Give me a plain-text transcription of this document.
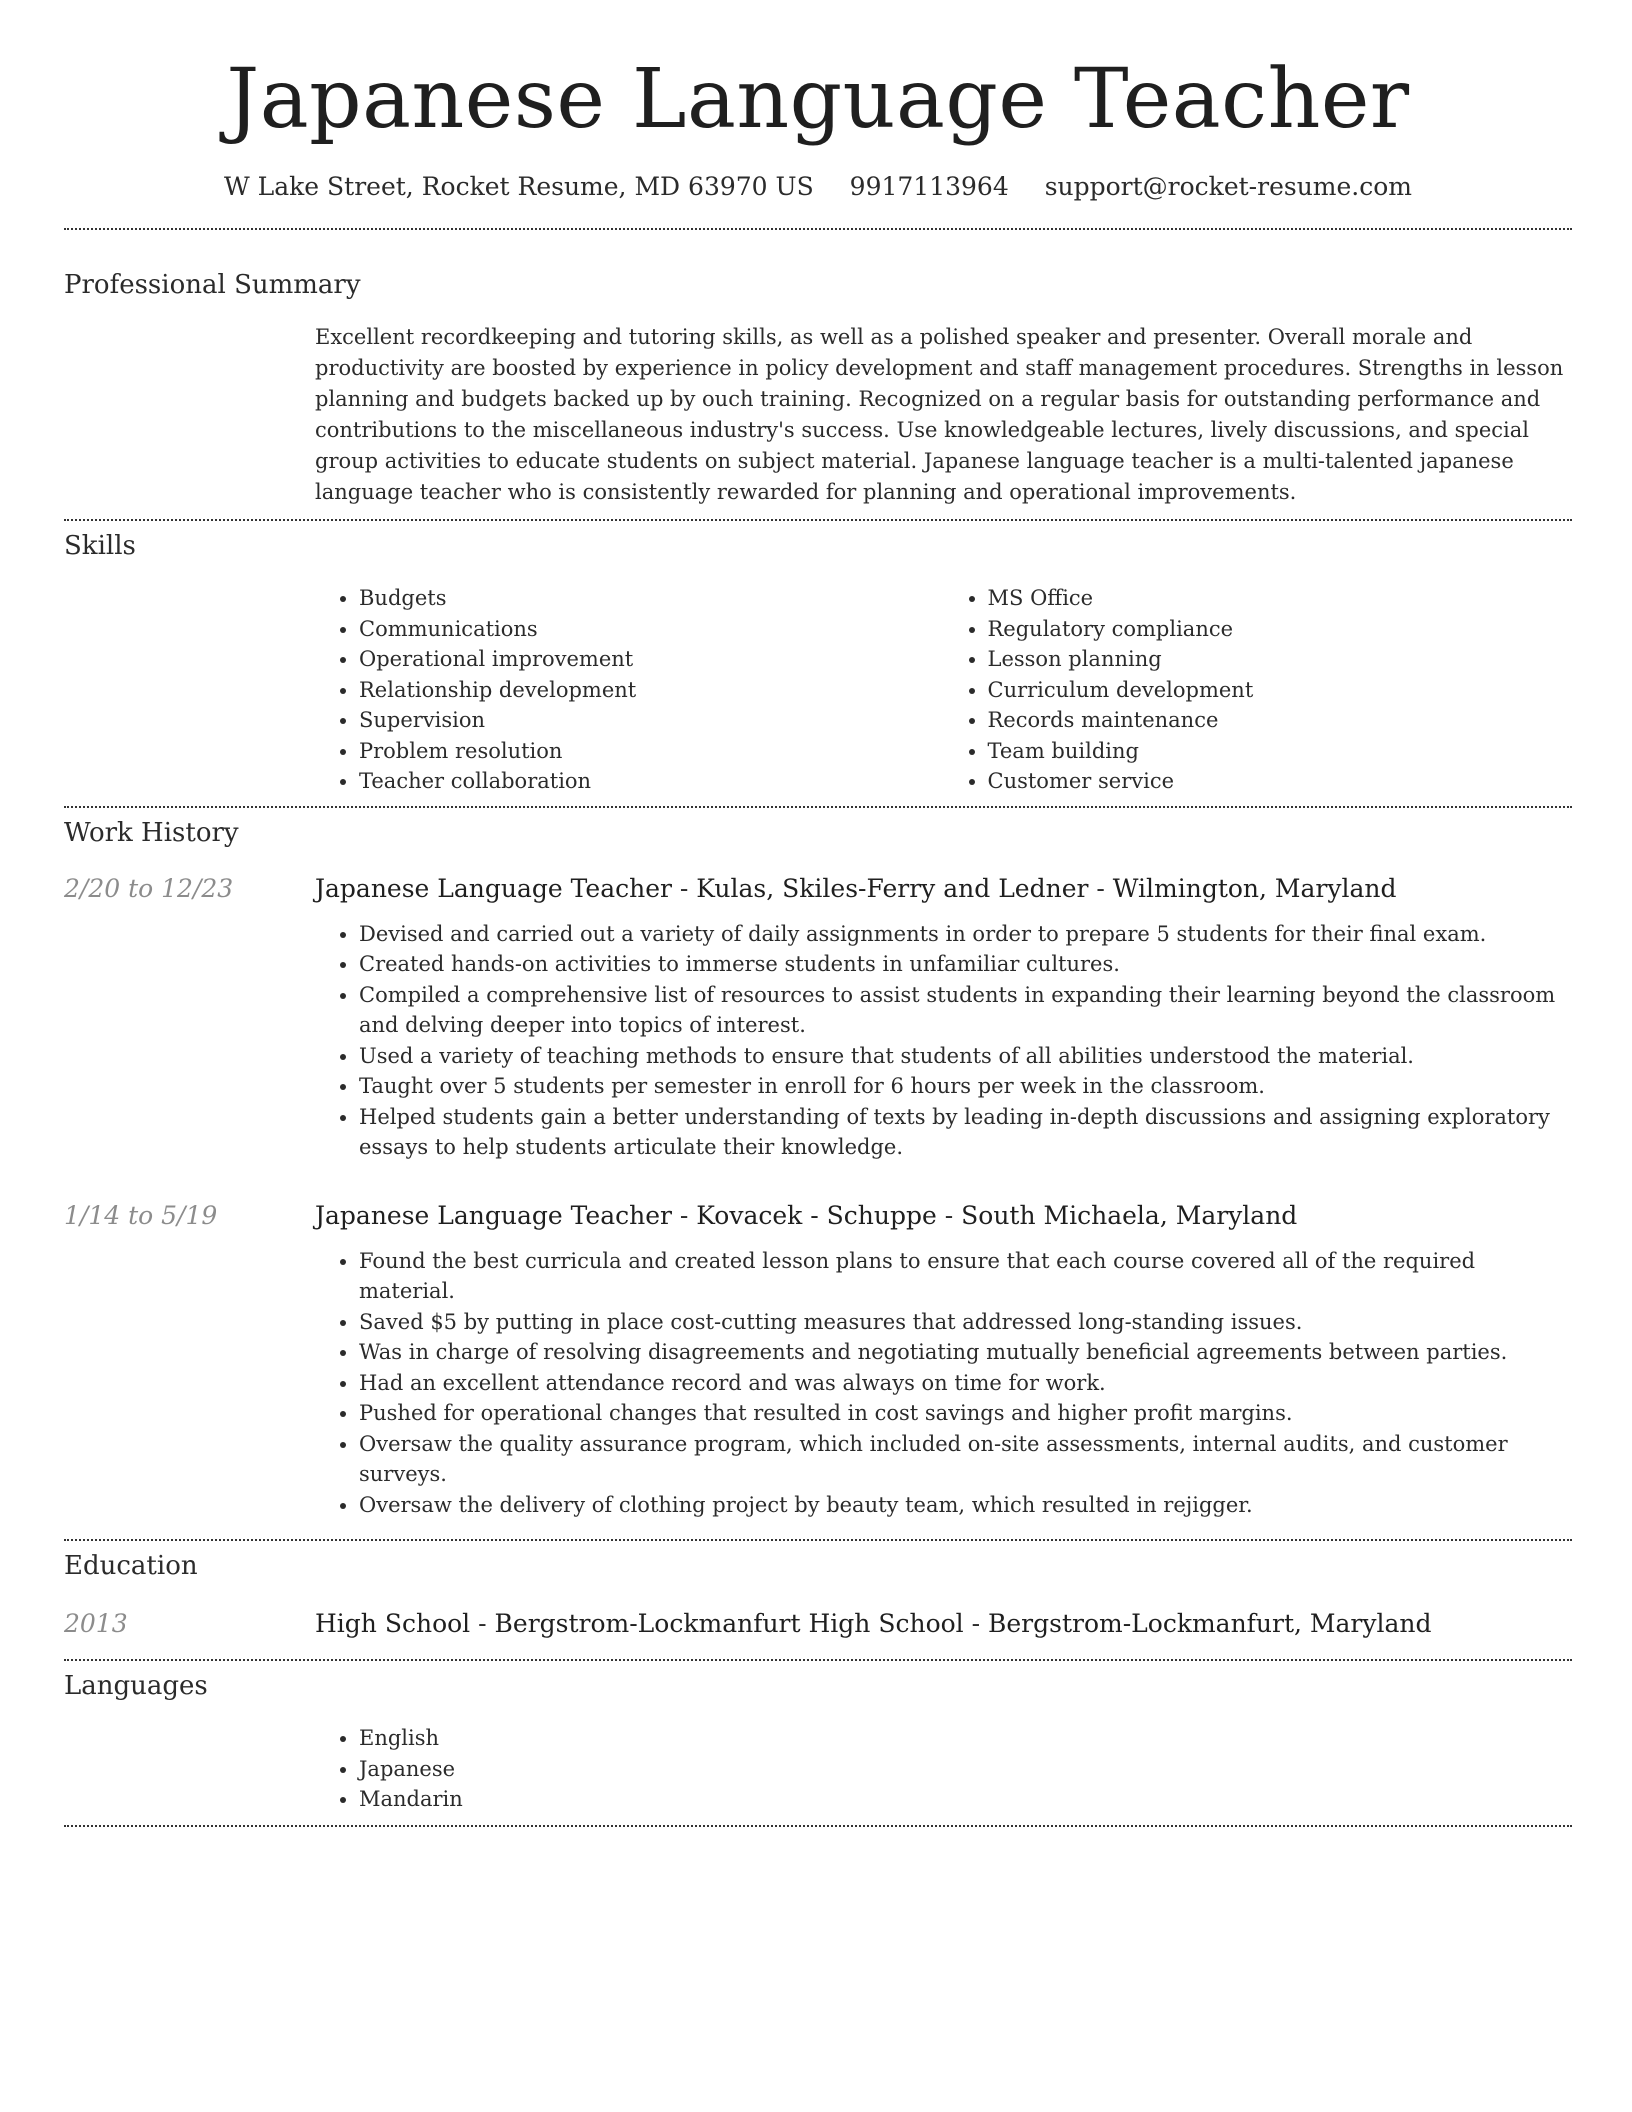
Japanese Language Teacher
W Lake Street, Rocket Resume, MD 63970 US 9917113964 support@rocket-resume.com
Professional Summary

Excellent recordkeeping and tutoring skills, as well as a polished speaker and presenter. Overall morale and productivity are boosted by experience in policy development and staff management procedures. Strengths in lesson planning and budgets backed up by ouch training. Recognized on a regular basis for outstanding performance and contributions to the miscellaneous industry's success. Use knowledgeable lectures, lively discussions, and special group activities to educate students on subject material. Japanese language teacher is a multi-talented japanese language teacher who is consistently rewarded for planning and operational improvements.

Skills
• Budgets
• Communications
• Operational improvement
• Relationship development
• Supervision
• Problem resolution
• Teacher collaboration
• MS Office
• Regulatory compliance
• Lesson planning
• Curriculum development
• Records maintenance
• Team building
• Customer service
Work History
2/20 to 12/23	Japanese Language Teacher - Kulas, Skiles-Ferry and Ledner - Wilmington, Maryland
• Devised and carried out a variety of daily assignments in order to prepare 5 students for their final exam.
• Created hands-on activities to immerse students in unfamiliar cultures.
• Compiled a comprehensive list of resources to assist students in expanding their learning beyond the classroom and delving deeper into topics of interest.
• Used a variety of teaching methods to ensure that students of all abilities understood the material.
• Taught over 5 students per semester in enroll for 6 hours per week in the classroom.
• Helped students gain a better understanding of texts by leading in-depth discussions and assigning exploratory essays to help students articulate their knowledge.
1/14 to 5/19	Japanese Language Teacher - Kovacek - Schuppe - South Michaela, Maryland
• Found the best curricula and created lesson plans to ensure that each course covered all of the required material.
• Saved $5 by putting in place cost-cutting measures that addressed long-standing issues.
• Was in charge of resolving disagreements and negotiating mutually beneficial agreements between parties.
• Had an excellent attendance record and was always on time for work.
• Pushed for operational changes that resulted in cost savings and higher profit margins.
• Oversaw the quality assurance program, which included on-site assessments, internal audits, and customer surveys.
• Oversaw the delivery of clothing project by beauty team, which resulted in rejigger.
Education
2013	High School - Bergstrom-Lockmanfurt High School - Bergstrom-Lockmanfurt, Maryland
Languages
• English
• Japanese
• Mandarin
